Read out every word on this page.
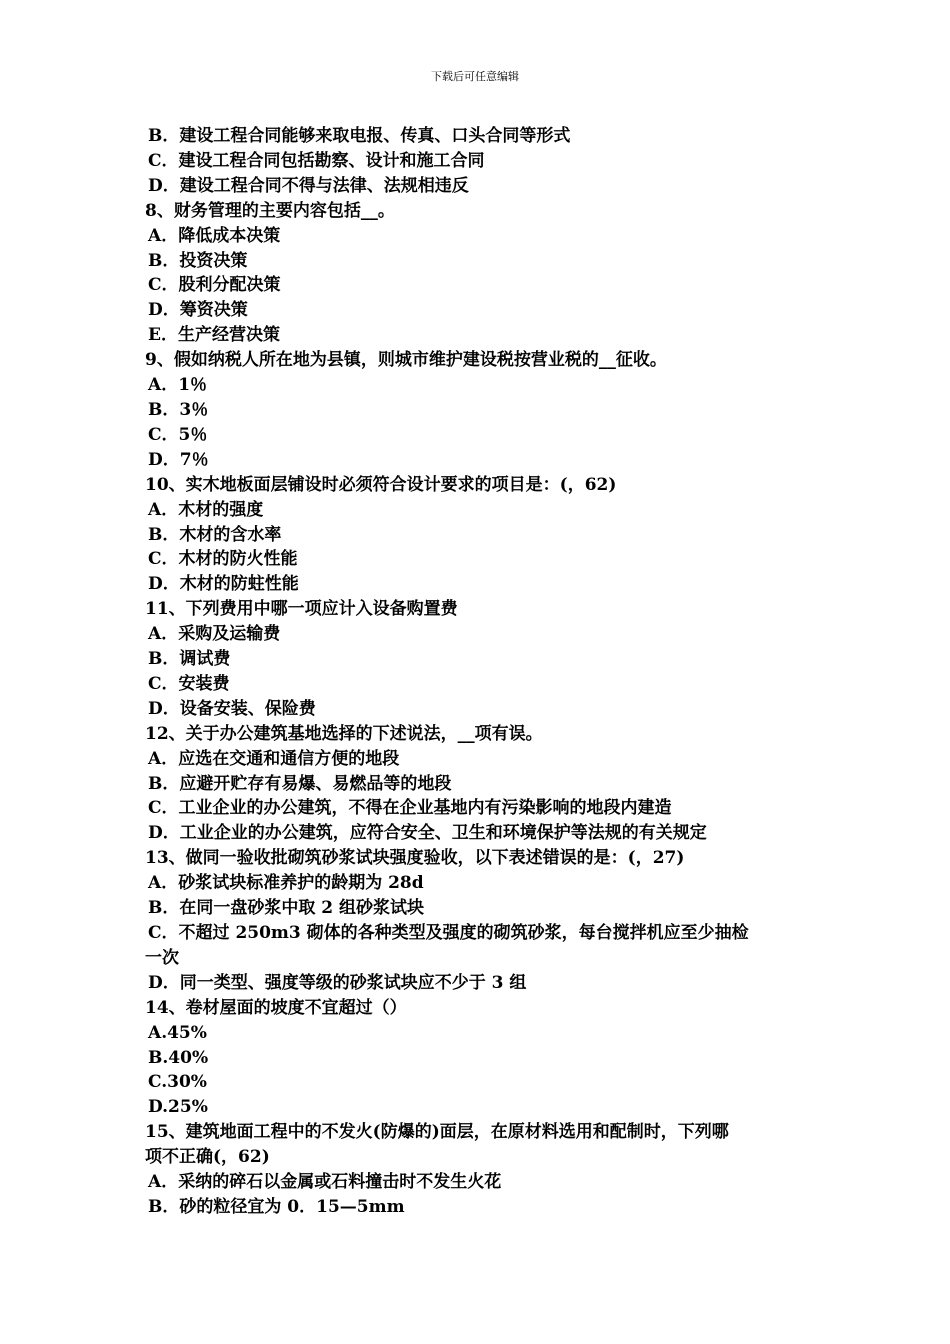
下载后可任意编辑
B．建设工程合同能够来取电报、传真、口头合同等形式
C．建设工程合同包括勘察、设计和施工合同
D．建设工程合同不得与法律、法规相违反
8、财务管理的主要内容包括__。
A．降低成本决策
B．投资决策
C．股利分配决策
D．筹资决策
E．生产经营决策
9、假如纳税人所在地为县镇，则城市维护建设税按营业税的__征收。
A．1％
B．3％
C．5％
D．7％
10、实木地板面层铺设时必须符合设计要求的项目是：(，62)
A．木材的强度
B．木材的含水率
C．木材的防火性能
D．木材的防蛀性能
11、下列费用中哪一项应计入设备购置费
A．采购及运输费
B．调试费
C．安装费
D．设备安装、保险费
12、关于办公建筑基地选择的下述说法，__项有误。
A．应选在交通和通信方便的地段
B．应避开贮存有易爆、易燃品等的地段
C．工业企业的办公建筑，不得在企业基地内有污染影响的地段内建造
D．工业企业的办公建筑，应符合安全、卫生和环境保护等法规的有关规定
13、做同一验收批砌筑砂浆试块强度验收，以下表述错误的是：(，27)
A．砂浆试块标准养护的龄期为 28d
B．在同一盘砂浆中取 2 组砂浆试块
C．不超过 250m3 砌体的各种类型及强度的砌筑砂浆，每台搅拌机应至少抽检
一次
D．同一类型、强度等级的砂浆试块应不少于 3 组
14、卷材屋面的坡度不宜超过（）
A.45%
B.40%
C.30%
D.25%
15、建筑地面工程中的不发火(防爆的)面层，在原材料选用和配制时，下列哪
项不正确(，62)
A．采纳的碎石以金属或石料撞击时不发生火花
B．砂的粒径宜为 0．15—5mm
